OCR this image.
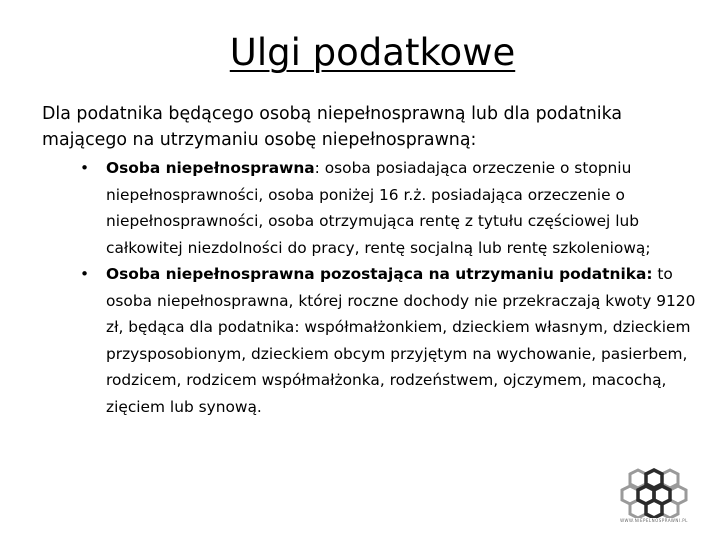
Ulgi podatkowe

Dla podatnika będącego osobą niepełnosprawną lub dla podatnika mającego na utrzymaniu osobę niepełnosprawną:

• Osoba niepełnosprawna: osoba posiadająca orzeczenie o stopniu niepełnosprawności, osoba poniżej 16 r.ż. posiadająca orzeczenie o niepełnosprawności, osoba otrzymująca rentę z tytułu częściowej lub całkowitej niezdolności do pracy, rentę socjalną lub rentę szkoleniową;
• Osoba niepełnosprawna pozostająca na utrzymaniu podatnika: to osoba niepełnosprawna, której roczne dochody nie przekraczają kwoty 9120 zł, będąca dla podatnika: współmałżonkiem, dzieckiem własnym, dzieckiem przysposobionym, dzieckiem obcym przyjętym na wychowanie, pasierbem, rodzicem, rodzicem współmałżonka, rodzeństwem, ojczymem, macochą, zięciem lub synową.
WWW.NIEPELNOSPRAWNI.PL
